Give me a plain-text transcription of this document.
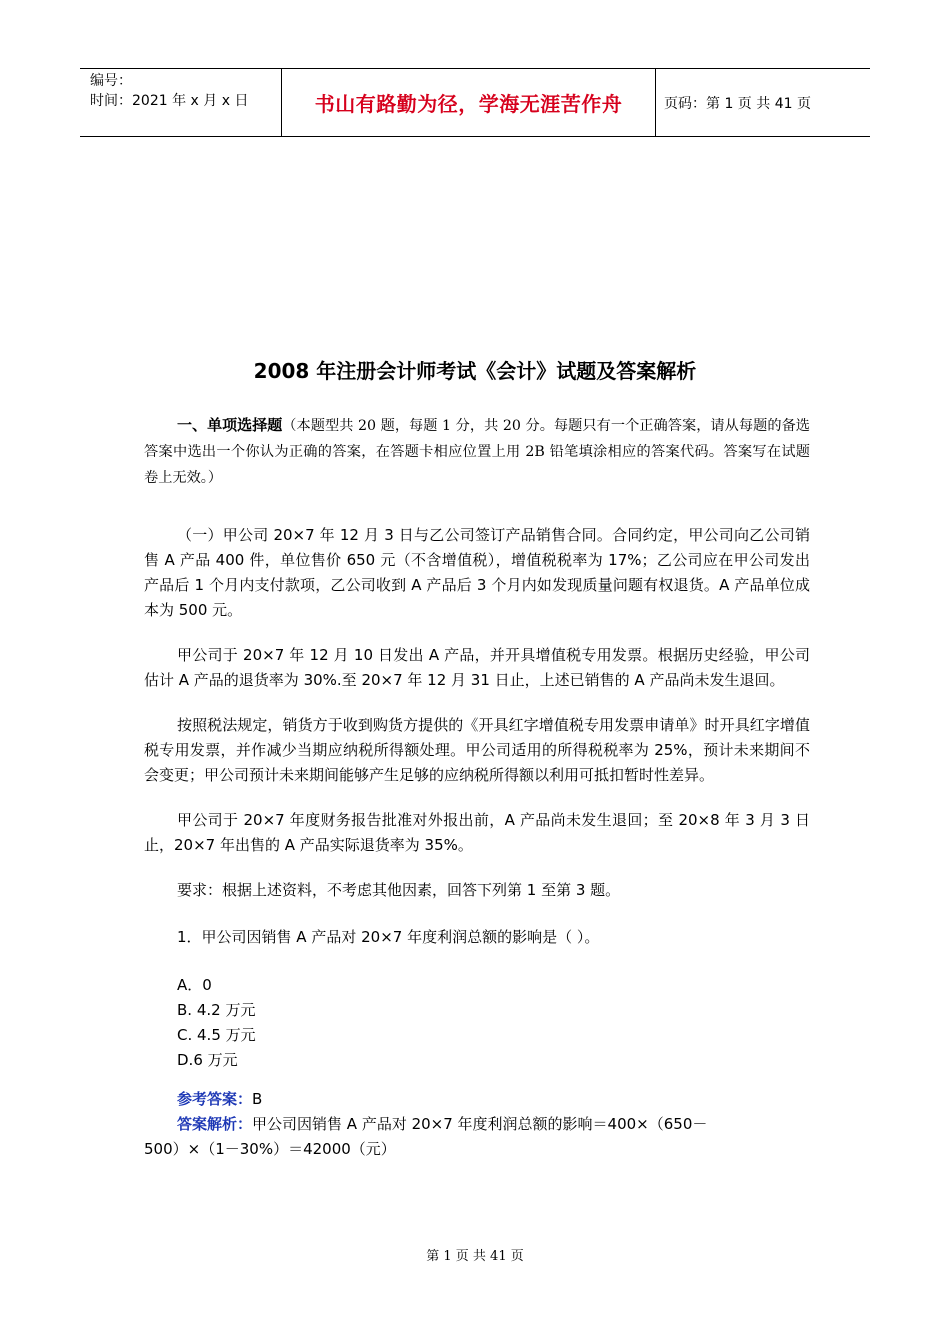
编号：
时间：2021 年 x 月 x 日	书山有路勤为径，学海无涯苦作舟	页码：第 1 页 共 41 页
2008 年注册会计师考试《会计》试题及答案解析

一、单项选择题（本题型共 20 题，每题 1 分，共 20 分。每题只有一个正确答案，请从每题的备选答案中选出一个你认为正确的答案，在答题卡相应位置上用 2B 铅笔填涂相应的答案代码。答案写在试题卷上无效。）

（一）甲公司 20×7 年 12 月 3 日与乙公司签订产品销售合同。合同约定，甲公司向乙公司销售 A 产品 400 件，单位售价 650 元（不含增值税），增值税税率为 17%；乙公司应在甲公司发出产品后 1 个月内支付款项，乙公司收到 A 产品后 3 个月内如发现质量问题有权退货。A 产品单位成本为 500 元。

甲公司于 20×7 年 12 月 10 日发出 A 产品，并开具增值税专用发票。根据历史经验，甲公司估计 A 产品的退货率为 30%.至 20×7 年 12 月 31 日止，上述已销售的 A 产品尚未发生退回。

按照税法规定，销货方于收到购货方提供的《开具红字增值税专用发票申请单》时开具红字增值税专用发票，并作减少当期应纳税所得额处理。甲公司适用的所得税税率为 25%，预计未来期间不会变更；甲公司预计未来期间能够产生足够的应纳税所得额以利用可抵扣暂时性差异。

甲公司于 20×7 年度财务报告批准对外报出前，A 产品尚未发生退回；至 20×8 年 3 月 3 日止，20×7 年出售的 A 产品实际退货率为 35%。

要求：根据上述资料，不考虑其他因素，回答下列第 1 至第 3 题。

1．甲公司因销售 A 产品对 20×7 年度利润总额的影响是（ ）。

A．0

B. 4.2 万元

C. 4.5 万元

D.6 万元

参考答案：B

答案解析：甲公司因销售 A 产品对 20×7 年度利润总额的影响＝400×（650－

500）×（1－30%）＝42000（元）

第 1 页 共 41 页
